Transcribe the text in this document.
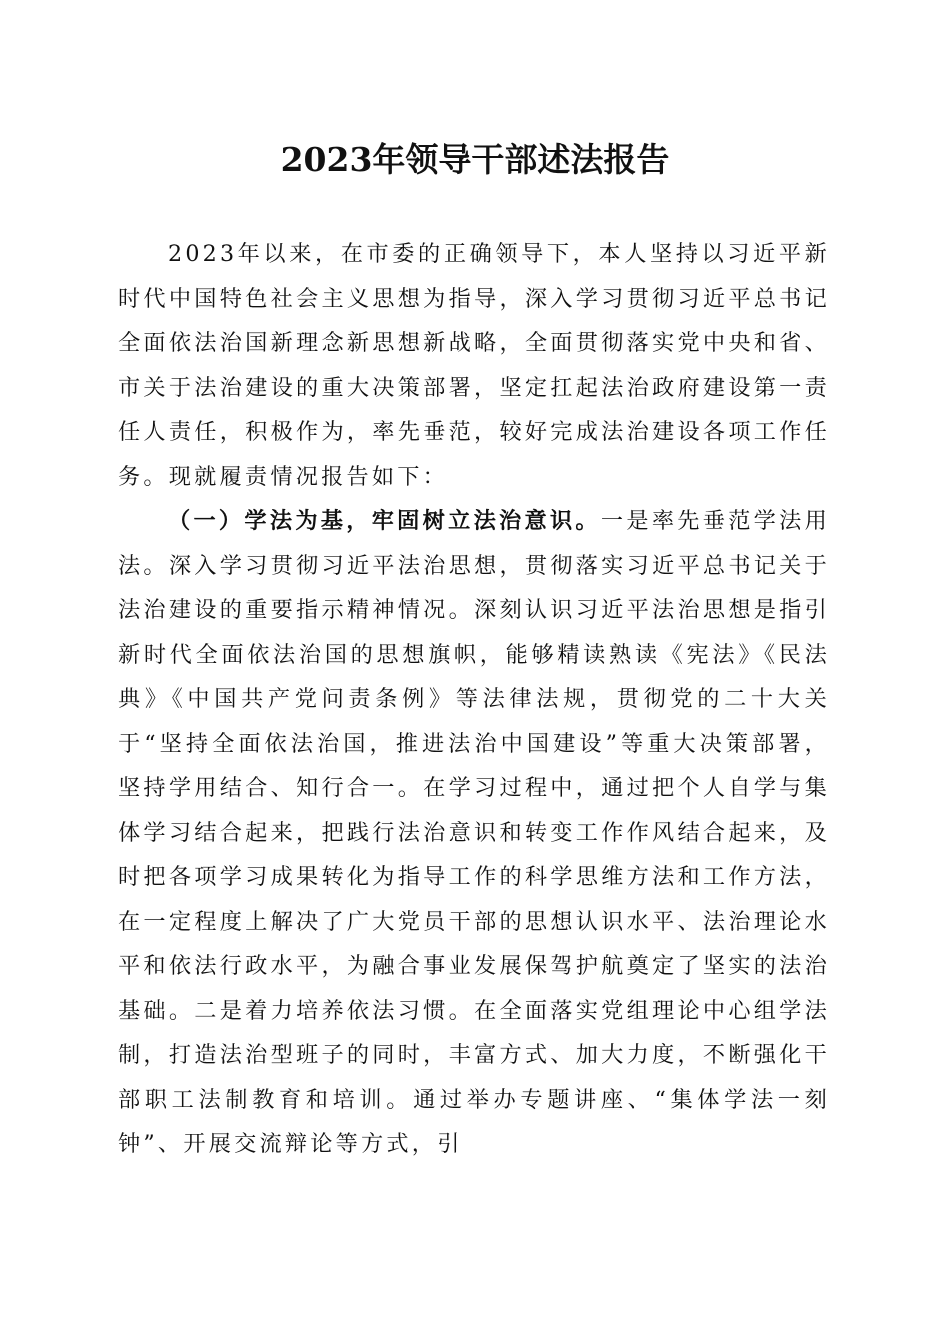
2023年领导干部述法报告

2023年以来，在市委的正确领导下，本人坚持以习近平新时代中国特色社会主义思想为指导，深入学习贯彻习近平总书记全面依法治国新理念新思想新战略，全面贯彻落实党中央和省、市关于法治建设的重大决策部署，坚定扛起法治政府建设第一责任人责任，积极作为，率先垂范，较好完成法治建设各项工作任务。现就履责情况报告如下：

（一）学法为基，牢固树立法治意识。一是率先垂范学法用法。深入学习贯彻习近平法治思想，贯彻落实习近平总书记关于法治建设的重要指示精神情况。深刻认识习近平法治思想是指引新时代全面依法治国的思想旗帜，能够精读熟读《宪法》《民法典》《中国共产党问责条例》等法律法规，贯彻党的二十大关于“坚持全面依法治国，推进法治中国建设”等重大决策部署，坚持学用结合、知行合一。在学习过程中，通过把个人自学与集体学习结合起来，把践行法治意识和转变工作作风结合起来，及时把各项学习成果转化为指导工作的科学思维方法和工作方法，在一定程度上解决了广大党员干部的思想认识水平、法治理论水平和依法行政水平，为融合事业发展保驾护航奠定了坚实的法治基础。二是着力培养依法习惯。在全面落实党组理论中心组学法制，打造法治型班子的同时，丰富方式、加大力度，不断强化干部职工法制教育和培训。通过举办专题讲座、“集体学法一刻钟”、开展交流辩论等方式，引
